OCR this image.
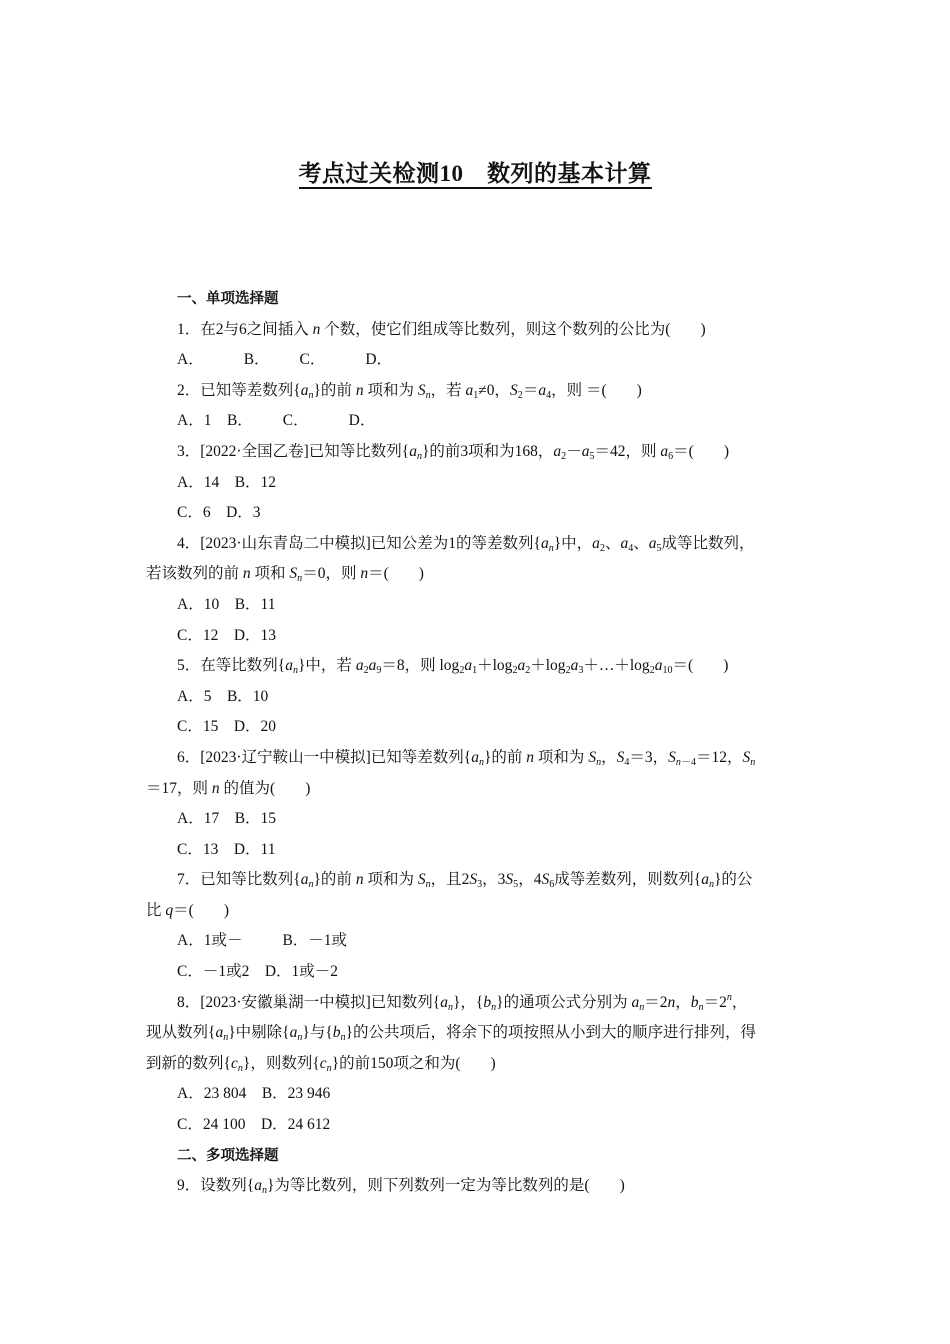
考点过关检测10　数列的基本计算
一、单项选择题
1．在2与6之间插入 n 个数，使它们组成等比数列，则这个数列的公比为( )
A．	B． C．	D．
2．已知等差数列$\{a_n\}$的前 n 项和为 $S_n$，若 $a_1\ne 0$，$S_2=a_4$，则 ＝( )
A．1　B． C．	D．
3．[2022·全国乙卷]已知等比数列$\{a_n\}$的前3项和为168，$a_2-a_5=42$，则 $a_6=$( )
A．14　B．12
C．6　D．3
4．[2023·山东青岛二中模拟]已知公差为1的等差数列$\{a_n\}$中，$a_2$、$a_4$、$a_5$成等比数列，
若该数列的前 n 项和 $S_n=0$，则 n＝( )
A．10　B．11
C．12　D．13
5．在等比数列$\{a_n\}$中，若 $a_2a_9=8$，则 $\log_2a_1+\log_2a_2+\log_2a_3+\dots+\log_2a_{10}=$( )
A．5　B．10
C．15　D．20
6．[2023·辽宁鞍山一中模拟]已知等差数列$\{a_n\}$的前 n 项和为 $S_n$，$S_4=3$，$S_{n-4}=12$，$S_n$
＝17，则 n 的值为( )
A．17　B．15
C．13　D．11
7．已知等比数列$\{a_n\}$的前 n 项和为 $S_n$，且$2S_3$，$3S_5$，$4S_6$成等差数列，则数列$\{a_n\}$的公
比 q＝( )
A．1或－	B．－1或
C．－1或2　D．1或－2
8．[2023·安徽巢湖一中模拟]已知数列$\{a_n\}$，$\{b_n\}$的通项公式分别为 $a_n=2n$，$b_n=2^n$，
现从数列$\{a_n\}$中剔除$\{a_n\}$与$\{b_n\}$的公共项后，将余下的项按照从小到大的顺序进行排列，得
到新的数列$\{c_n\}$，则数列$\{c_n\}$的前150项之和为( )
A．23 804　B．23 946
C．24 100　D．24 612
二、多项选择题
9．设数列$\{a_n\}$为等比数列，则下列数列一定为等比数列的是( )
